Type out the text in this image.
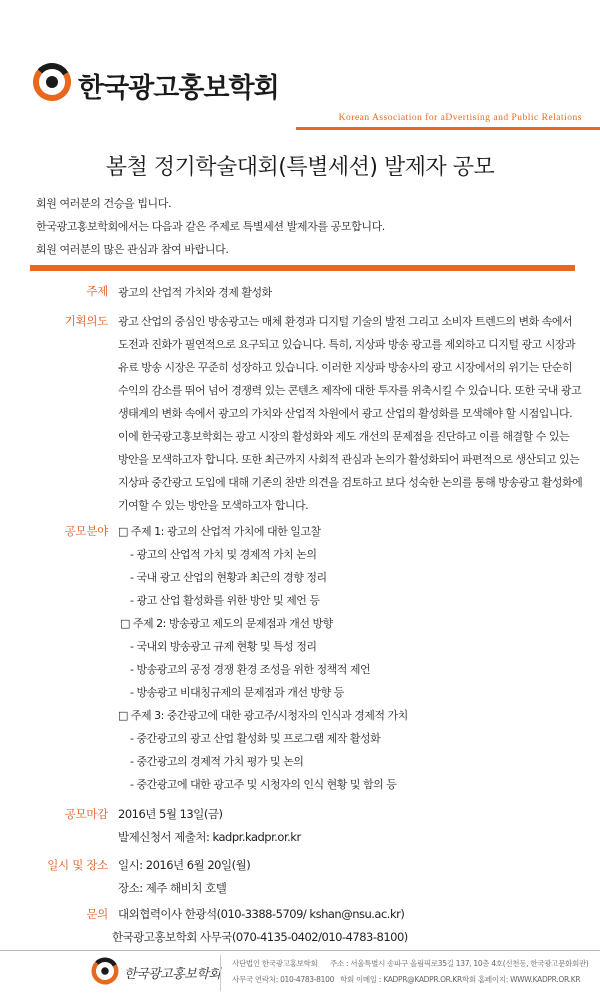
한국광고홍보학회
Korean Association for aDvertising and Public Relations
봄철 정기학술대회(특별세션) 발제자 공모
회원 여러분의 건승을 빕니다.
한국광고홍보학회에서는 다음과 같은 주제로 특별세션 발제자를 공모합니다.
회원 여러분의 많은 관심과 참여 바랍니다.
주제 광고의 산업적 가치와 경제 활성화
기획의도 광고 산업의 중심인 방송광고는 매체 환경과 디지털 기술의 발전 그리고 소비자 트렌드의 변화 속에서
도전과 진화가 필연적으로 요구되고 있습니다. 특히, 지상파 방송 광고를 제외하고 디지털 광고 시장과
유료 방송 시장은 꾸준히 성장하고 있습니다. 이러한 지상파 방송사의 광고 시장에서의 위기는 단순히
수익의 감소를 뛰어 넘어 경쟁력 있는 콘텐츠 제작에 대한 투자를 위축시킬 수 있습니다. 또한 국내 광고
생태계의 변화 속에서 광고의 가치와 산업적 차원에서 광고 산업의 활성화를 모색해야 할 시점입니다.
이에 한국광고홍보학회는 광고 시장의 활성화와 제도 개선의 문제점을 진단하고 이를 해결할 수 있는
방안을 모색하고자 합니다. 또한 최근까지 사회적 관심과 논의가 활성화되어 파편적으로 생산되고 있는
지상파 중간광고 도입에 대해 기존의 찬반 의견을 검토하고 보다 성숙한 논의를 통해 방송광고 활성화에
기여할 수 있는 방안을 모색하고자 합니다.
공모분야 □ 주제 1: 광고의 산업적 가치에 대한 일고찰
- 광고의 산업적 가치 및 경제적 가치 논의
- 국내 광고 산업의 현황과 최근의 경향 정리
- 광고 산업 활성화를 위한 방안 및 제언 등
□ 주제 2: 방송광고 제도의 문제점과 개선 방향
- 국내외 방송광고 규제 현황 및 특성 정리
- 방송광고의 공정 경쟁 환경 조성을 위한 정책적 제언
- 방송광고 비대칭규제의 문제점과 개선 방향 등
□ 주제 3: 중간광고에 대한 광고주/시청자의 인식과 경제적 가치
- 중간광고의 광고 산업 활성화 및 프로그램 제작 활성화
- 중간광고의 경제적 가치 평가 및 논의
- 중간광고에 대한 광고주 및 시청자의 인식 현황 및 함의 등
공모마감 2016년 5월 13일(금)
발제신청서 제출처: kadpr.kadpr.or.kr
일시 및 장소 일시: 2016년 6월 20일(월)
장소: 제주 해비치 호텔
문의 대외협력이사 한광석(010-3388-5709/ kshan@nsu.ac.kr)
한국광고홍보학회 사무국(070-4135-0402/010-4783-8100)
한국광고홍보학회
사단법인 한국광고홍보학회 주소 : 서울특별시 송파구 올림픽로35길 137, 10층 4호(신천동, 한국광고문화회관)
사무국 연락처: 010-4783-8100 학회 이메일 : KADPR@KADPR.OR.KR 학회 홈페이지: WWW.KADPR.OR.KR
